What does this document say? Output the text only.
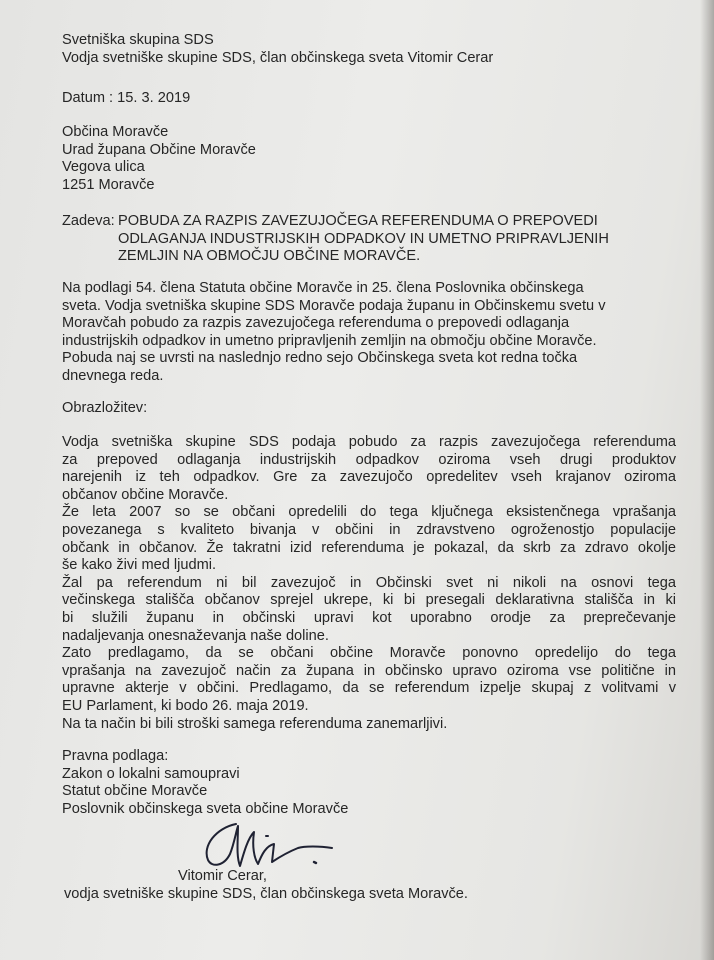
Svetniška skupina SDS
Vodja svetniške skupine SDS, član občinskega sveta Vitomir Cerar
Datum : 15. 3. 2019
Občina Moravče
Urad župana Občine Moravče
Vegova ulica
1251 Moravče
Zadeva: POBUDA ZA RAZPIS ZAVEZUJOČEGA REFERENDUMA O PREPOVEDI
ODLAGANJA INDUSTRIJSKIH ODPADKOV IN UMETNO PRIPRAVLJENIH
ZEMLJIN NA OBMOČJU OBČINE MORAVČE.
Na podlagi 54. člena Statuta občine Moravče in 25. člena Poslovnika občinskega
sveta. Vodja svetniška skupine SDS Moravče podaja županu in Občinskemu svetu v
Moravčah pobudo za razpis zavezujočega referenduma o prepovedi odlaganja
industrijskih odpadkov in umetno pripravljenih zemljin na območju občine Moravče.
Pobuda naj se uvrsti na naslednjo redno sejo Občinskega sveta kot redna točka
dnevnega reda.
Obrazložitev:
Vodja svetniška skupine SDS podaja pobudo za razpis zavezujočega referenduma
za prepoved odlaganja industrijskih odpadkov oziroma vseh drugi produktov
narejenih iz teh odpadkov. Gre za zavezujočo opredelitev vseh krajanov oziroma
občanov občine Moravče.
Že leta 2007 so se občani opredelili do tega ključnega eksistenčnega vprašanja
povezanega s kvaliteto bivanja v občini in zdravstveno ogroženostjo populacije
občank in občanov. Že takratni izid referenduma je pokazal, da skrb za zdravo okolje
še kako živi med ljudmi.
Žal pa referendum ni bil zavezujoč in Občinski svet ni nikoli na osnovi tega
večinskega stališča občanov sprejel ukrepe, ki bi presegali deklarativna stališča in ki
bi služili županu in občinski upravi kot uporabno orodje za preprečevanje
nadaljevanja onesnaževanja naše doline.
Zato predlagamo, da se občani občine Moravče ponovno opredelijo do tega
vprašanja na zavezujoč način za župana in občinsko upravo oziroma vse politične in
upravne akterje v občini. Predlagamo, da se referendum izpelje skupaj z volitvami v
EU Parlament, ki bodo 26. maja 2019.
Na ta način bi bili stroški samega referenduma zanemarljivi.
Pravna podlaga:
Zakon o lokalni samoupravi
Statut občine Moravče
Poslovnik občinskega sveta občine Moravče
Vitomir Cerar,
vodja svetniške skupine SDS, član občinskega sveta Moravče.
